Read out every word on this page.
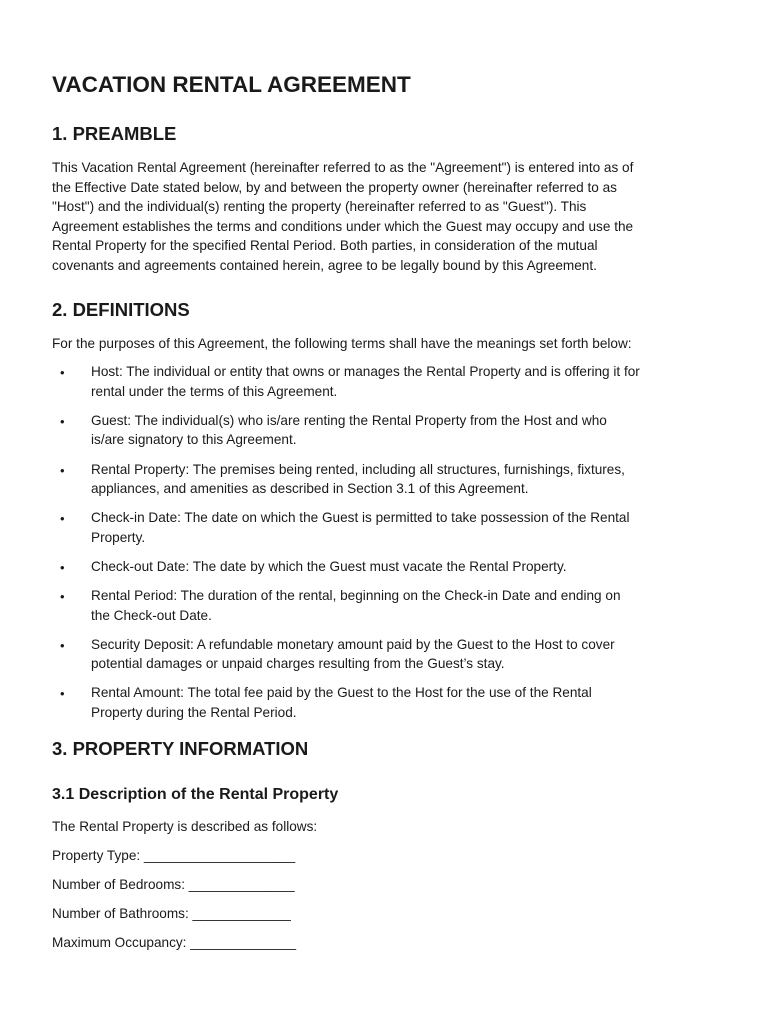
VACATION RENTAL AGREEMENT
1. PREAMBLE
This Vacation Rental Agreement (hereinafter referred to as the "Agreement") is entered into as of
the Effective Date stated below, by and between the property owner (hereinafter referred to as
"Host") and the individual(s) renting the property (hereinafter referred to as "Guest"). This
Agreement establishes the terms and conditions under which the Guest may occupy and use the
Rental Property for the specified Rental Period. Both parties, in consideration of the mutual
covenants and agreements contained herein, agree to be legally bound by this Agreement.
2. DEFINITIONS

For the purposes of this Agreement, the following terms shall have the meanings set forth below:

• Host: The individual or entity that owns or manages the Rental Property and is offering it for
rental under the terms of this Agreement.
• Guest: The individual(s) who is/are renting the Rental Property from the Host and who
is/are signatory to this Agreement.
• Rental Property: The premises being rented, including all structures, furnishings, fixtures,
appliances, and amenities as described in Section 3.1 of this Agreement.
• Check-in Date: The date on which the Guest is permitted to take possession of the Rental
Property.
• Check-out Date: The date by which the Guest must vacate the Rental Property.
• Rental Period: The duration of the rental, beginning on the Check-in Date and ending on
the Check-out Date.
• Security Deposit: A refundable monetary amount paid by the Guest to the Host to cover
potential damages or unpaid charges resulting from the Guest’s stay.
• Rental Amount: The total fee paid by the Guest to the Host for the use of the Rental
Property during the Rental Period.
3. PROPERTY INFORMATION
3.1 Description of the Rental Property

The Rental Property is described as follows:

Property Type: ____________________

Number of Bedrooms: ______________

Number of Bathrooms: _____________

Maximum Occupancy: ______________
